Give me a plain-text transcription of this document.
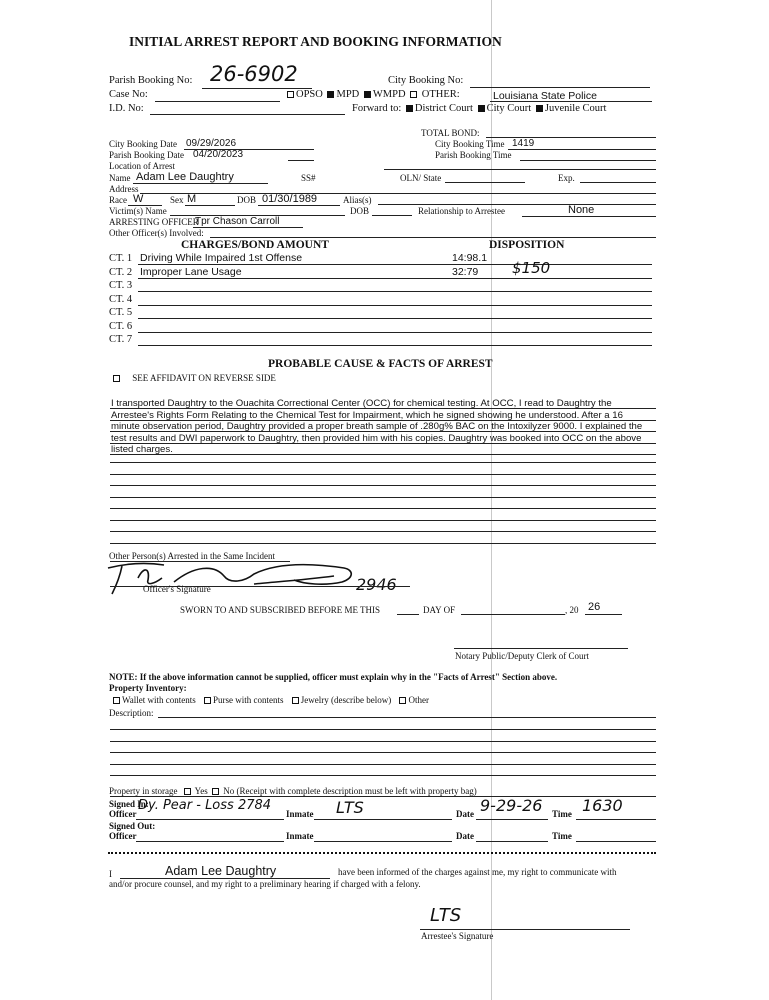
INITIAL ARREST REPORT AND BOOKING INFORMATION
Parish Booking No: 26-6902	City Booking No:
Case No:	OPSO MPD WMPD OTHER:	Louisiana State Police
I.D. No:	Forward to: District Court City Court Juvenile Court
TOTAL BOND:
City Booking Date 09/29/2026	City Booking Time 1419
Parish Booking Date 04/20/2023	Parish Booking Time
Location of Arrest
Name Adam Lee Daughtry	SS#	OLN/ State	Exp.
Address
Race W	Sex M	DOB 01/30/1989	Alias(s)
Victim(s) Name	DOB	Relationship to Arrestee	None
ARRESTING OFFICER
Tpr Chason Carroll
Other Officer(s) Involved:
CHARGES/BOND AMOUNT	DISPOSITION
CT. 1 Driving While Impaired 1st Offense	14:98.1
CT. 2 Improper Lane Usage	32:79 $150
CT. 3
CT. 4
CT. 5
CT. 6
CT. 7
PROBABLE CAUSE & FACTS OF ARREST
SEE AFFIDAVIT ON REVERSE SIDE
I transported Daughtry to the Ouachita Correctional Center (OCC) for chemical testing. At OCC, I read to Daughtry the
Arrestee's Rights Form Relating to the Chemical Test for Impairment, which he signed showing he understood. After a 16
minute observation period, Daughtry provided a proper breath sample of .280g% BAC on the Intoxilyzer 9000. I explained the
test results and DWI paperwork to Daughtry, then provided him with his copies. Daughtry was booked into OCC on the above
listed charges.
Other Person(s) Arrested in the Same Incident
2946
Officer's Signature
SWORN TO AND SUBSCRIBED BEFORE ME THIS	DAY OF	, 20 26
Notary Public/Deputy Clerk of Court
NOTE: If the above information cannot be supplied, officer must explain why in the "Facts of Arrest" Section above.
Property Inventory:
Wallet with contents Purse with contents Jewelry (describe below) Other
Description:
Property in storage Yes No (Receipt with complete description must be left with property bag)
Signed In:
Officer
Dy. Pear - Loss 2784
Inmate LTS	Date 9-29-26 Time 1630
Signed Out:
Officer	Inmate	Date	Time
I	Adam Lee Daughtry	have been informed of the charges against me, my right to communicate with
and/or procure counsel, and my right to a preliminary hearing if charged with a felony.
LTS
Arrestee's Signature
